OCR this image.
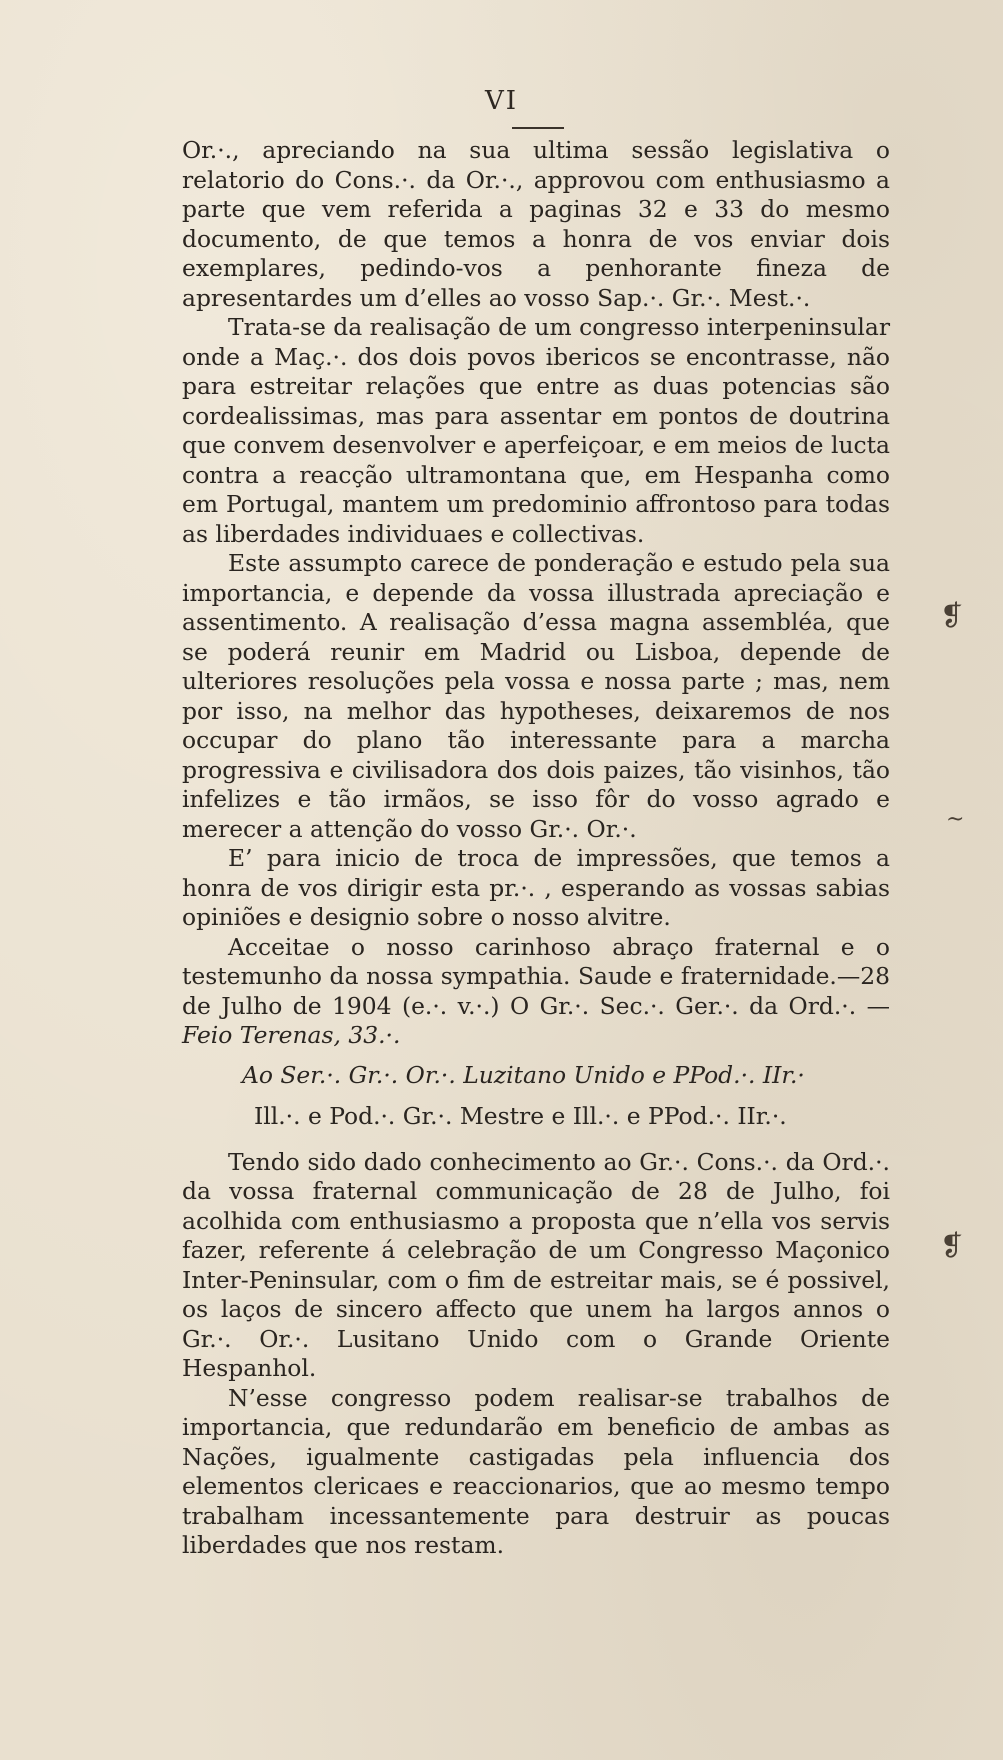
VI

Or.·., apreciando na sua ultima sessão legislativa o relatorio do Cons.·. da Or.·., approvou com enthusiasmo a parte que vem referida a paginas 32 e 33 do mesmo documento, de que temos a honra de vos enviar dois exemplares, pedindo-vos a penhorante fineza de apresentardes um d’elles ao vosso Sap.·. Gr.·. Mest.·.

Trata-se da realisação de um congresso interpeninsular onde a Maç.·. dos dois povos ibericos se encontrasse, não para estreitar relações que entre as duas potencias são cordealissimas, mas para assentar em pontos de doutrina que convem desenvolver e aperfeiçoar, e em meios de lucta contra a reacção ultramontana que, em Hespanha como em Portugal, mantem um predominio affrontoso para todas as liberdades individuaes e collectivas.

Este assumpto carece de ponderação e estudo pela sua importancia, e depende da vossa illustrada apreciação e assentimento. A realisação d’essa magna assembléa, que se poderá reunir em Madrid ou Lisboa, depende de ulteriores resoluções pela vossa e nossa parte ; mas, nem por isso, na melhor das hypotheses, deixaremos de nos occupar do plano tão interessante para a marcha progressiva e civilisadora dos dois paizes, tão visinhos, tão infelizes e tão irmãos, se isso fôr do vosso agrado e merecer a attenção do vosso Gr.·. Or.·.

E’ para inicio de troca de impressões, que temos a honra de vos dirigir esta pr.·. , esperando as vossas sabias opiniões e designio sobre o nosso alvitre.

Acceitae o nosso carinhoso abraço fraternal e o testemunho da nossa sympathia. Saude e fraternidade.—28 de Julho de 1904 (e.·. v.·.) O Gr.·. Sec.·. Ger.·. da Ord.·. — Feio Terenas, 33.·.

Ao Ser.·. Gr.·. Or.·. Luzitano Unido e PPod.·. IIr.·

Ill.·. e Pod.·. Gr.·. Mestre e Ill.·. e PPod.·. IIr.·.

Tendo sido dado conhecimento ao Gr.·. Cons.·. da Ord.·. da vossa fraternal communicação de 28 de Julho, foi acolhida com enthusiasmo a proposta que n’ella vos servis fazer, referente á celebração de um Congresso Maçonico Inter-Peninsular, com o fim de estreitar mais, se é possivel, os laços de sincero affecto que unem ha largos annos o Gr.·. Or.·. Lusitano Unido com o Grande Oriente Hespanhol.

N’esse congresso podem realisar-se trabalhos de importancia, que redundarão em beneficio de ambas as Nações, igualmente castigadas pela influencia dos elementos clericaes e reaccionarios, que ao mesmo tempo trabalham incessantemente para destruir as poucas liberdades que nos restam.

❡
~
❡
